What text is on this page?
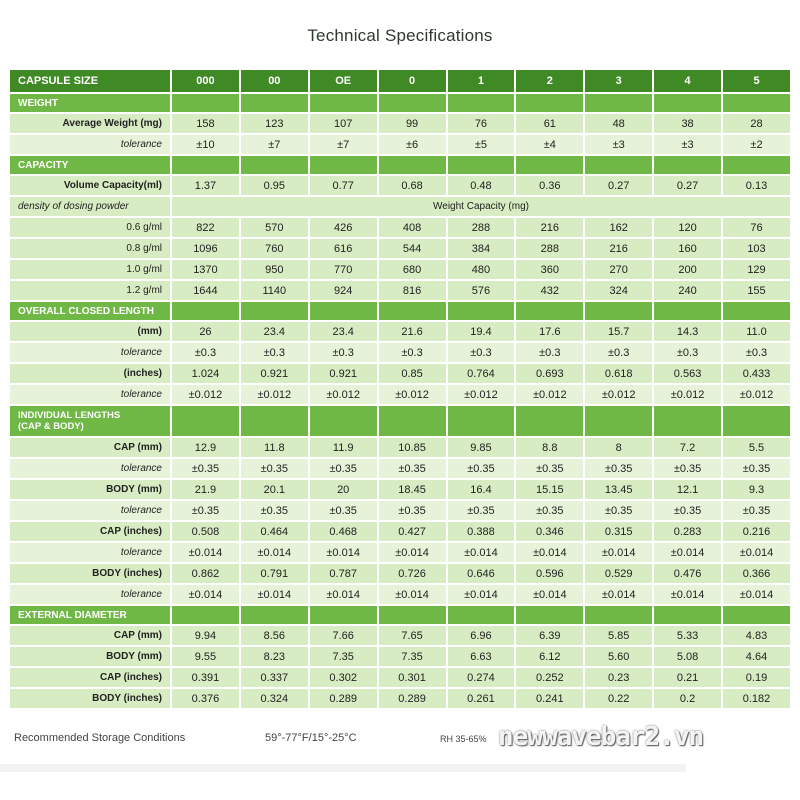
Technical Specifications
CAPSULE SIZE	000	00	OE	0	1	2	3	4	5
WEIGHT									
Average Weight (mg)	158	123	107	99	76	61	48	38	28
tolerance	±10	±7	±7	±6	±5	±4	±3	±3	±2
CAPACITY									
Volume Capacity(ml)	1.37	0.95	0.77	0.68	0.48	0.36	0.27	0.27	0.13
density of dosing powder	Weight Capacity (mg)								
0.6 g/ml	822	570	426	408	288	216	162	120	76
0.8 g/ml	1096	760	616	544	384	288	216	160	103
1.0 g/ml	1370	950	770	680	480	360	270	200	129
1.2 g/ml	1644	1140	924	816	576	432	324	240	155
OVERALL CLOSED LENGTH									
(mm)	26	23.4	23.4	21.6	19.4	17.6	15.7	14.3	11.0
tolerance	±0.3	±0.3	±0.3	±0.3	±0.3	±0.3	±0.3	±0.3	±0.3
(inches)	1.024	0.921	0.921	0.85	0.764	0.693	0.618	0.563	0.433
tolerance	±0.012	±0.012	±0.012	±0.012	±0.012	±0.012	±0.012	±0.012	±0.012
INDIVIDUAL LENGTHS
(CAP & BODY)									
CAP (mm)	12.9	11.8	11.9	10.85	9.85	8.8	8	7.2	5.5
tolerance	±0.35	±0.35	±0.35	±0.35	±0.35	±0.35	±0.35	±0.35	±0.35
BODY (mm)	21.9	20.1	20	18.45	16.4	15.15	13.45	12.1	9.3
tolerance	±0.35	±0.35	±0.35	±0.35	±0.35	±0.35	±0.35	±0.35	±0.35
CAP (inches)	0.508	0.464	0.468	0.427	0.388	0.346	0.315	0.283	0.216
tolerance	±0.014	±0.014	±0.014	±0.014	±0.014	±0.014	±0.014	±0.014	±0.014
BODY (inches)	0.862	0.791	0.787	0.726	0.646	0.596	0.529	0.476	0.366
tolerance	±0.014	±0.014	±0.014	±0.014	±0.014	±0.014	±0.014	±0.014	±0.014
EXTERNAL DIAMETER									
CAP (mm)	9.94	8.56	7.66	7.65	6.96	6.39	5.85	5.33	4.83
BODY (mm)	9.55	8.23	7.35	7.35	6.63	6.12	5.60	5.08	4.64
CAP (inches)	0.391	0.337	0.302	0.301	0.274	0.252	0.23	0.21	0.19
BODY (inches)	0.376	0.324	0.289	0.289	0.261	0.241	0.22	0.2	0.182
Recommended Storage Conditions	59°-77°F/15°-25°C	RH 35-65% newwavebar2.vn
